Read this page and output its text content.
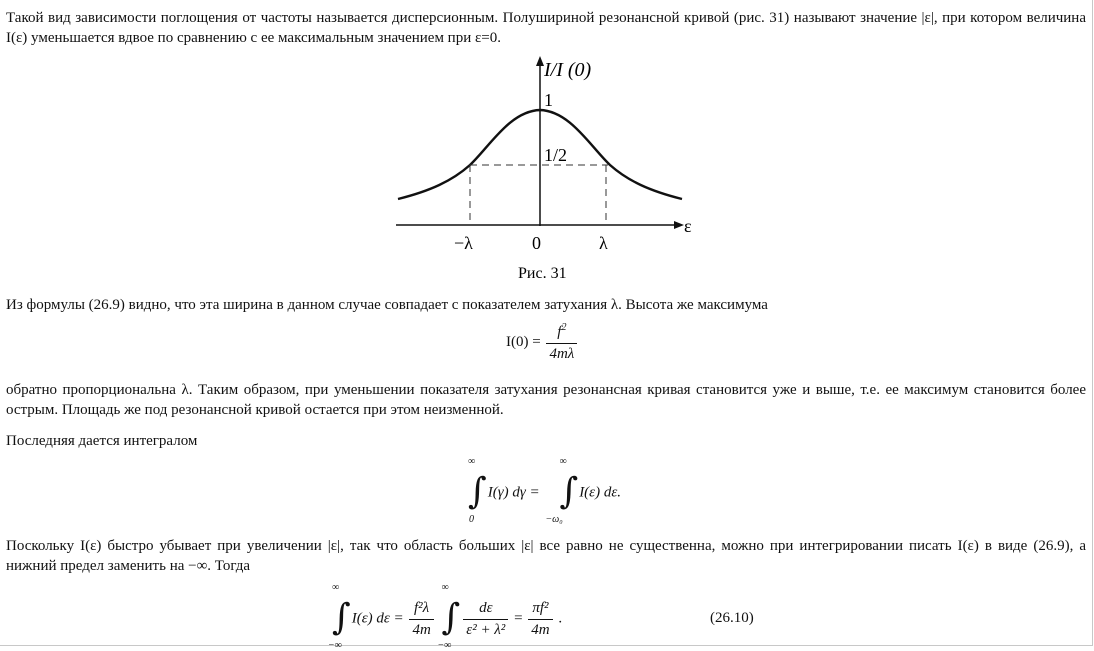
Такой вид зависимости поглощения от частоты называется дисперсионным. Полушириной резонансной кривой (рис. 31) называют значение |ε|, при котором величина I(ε) уменьшается вдвое по сравнению с ее максимальным значением при ε=0.
I/I (0)
1
1/2
ε
−λ	0	λ
Рис. 31
Из формулы (26.9) видно, что эта ширина в данном случае совпадает с показателем затухания λ. Высота же максимума
$I(0) = \frac{f^2}{4m\lambda}$
обратно пропорциональна λ. Таким образом, при уменьшении показателя затухания резонансная кривая становится уже и выше, т.е. ее максимум становится более острым. Площадь же под резонансной кривой остается при этом неизменной.
Последняя дается интегралом
∫
∞
0
I(γ) dγ = ∫
∞
−ω₀
I(ε) dε.
Поскольку I(ε) быстро убывает при увеличении |ε|, так что область больших |ε| все равно не существенна, можно при интегрировании писать I(ε) в виде (26.9), а нижний предел заменить на −∞. Тогда
∫
∞
−∞
I(ε) $d\varepsilon = \frac{\text{f²λ}}{4m}$
∫
∞
−∞

$\frac{d\varepsilon}{\text{ε² + λ²}} = \frac{\text{πf²}}{4m}$ .	(26.10)
